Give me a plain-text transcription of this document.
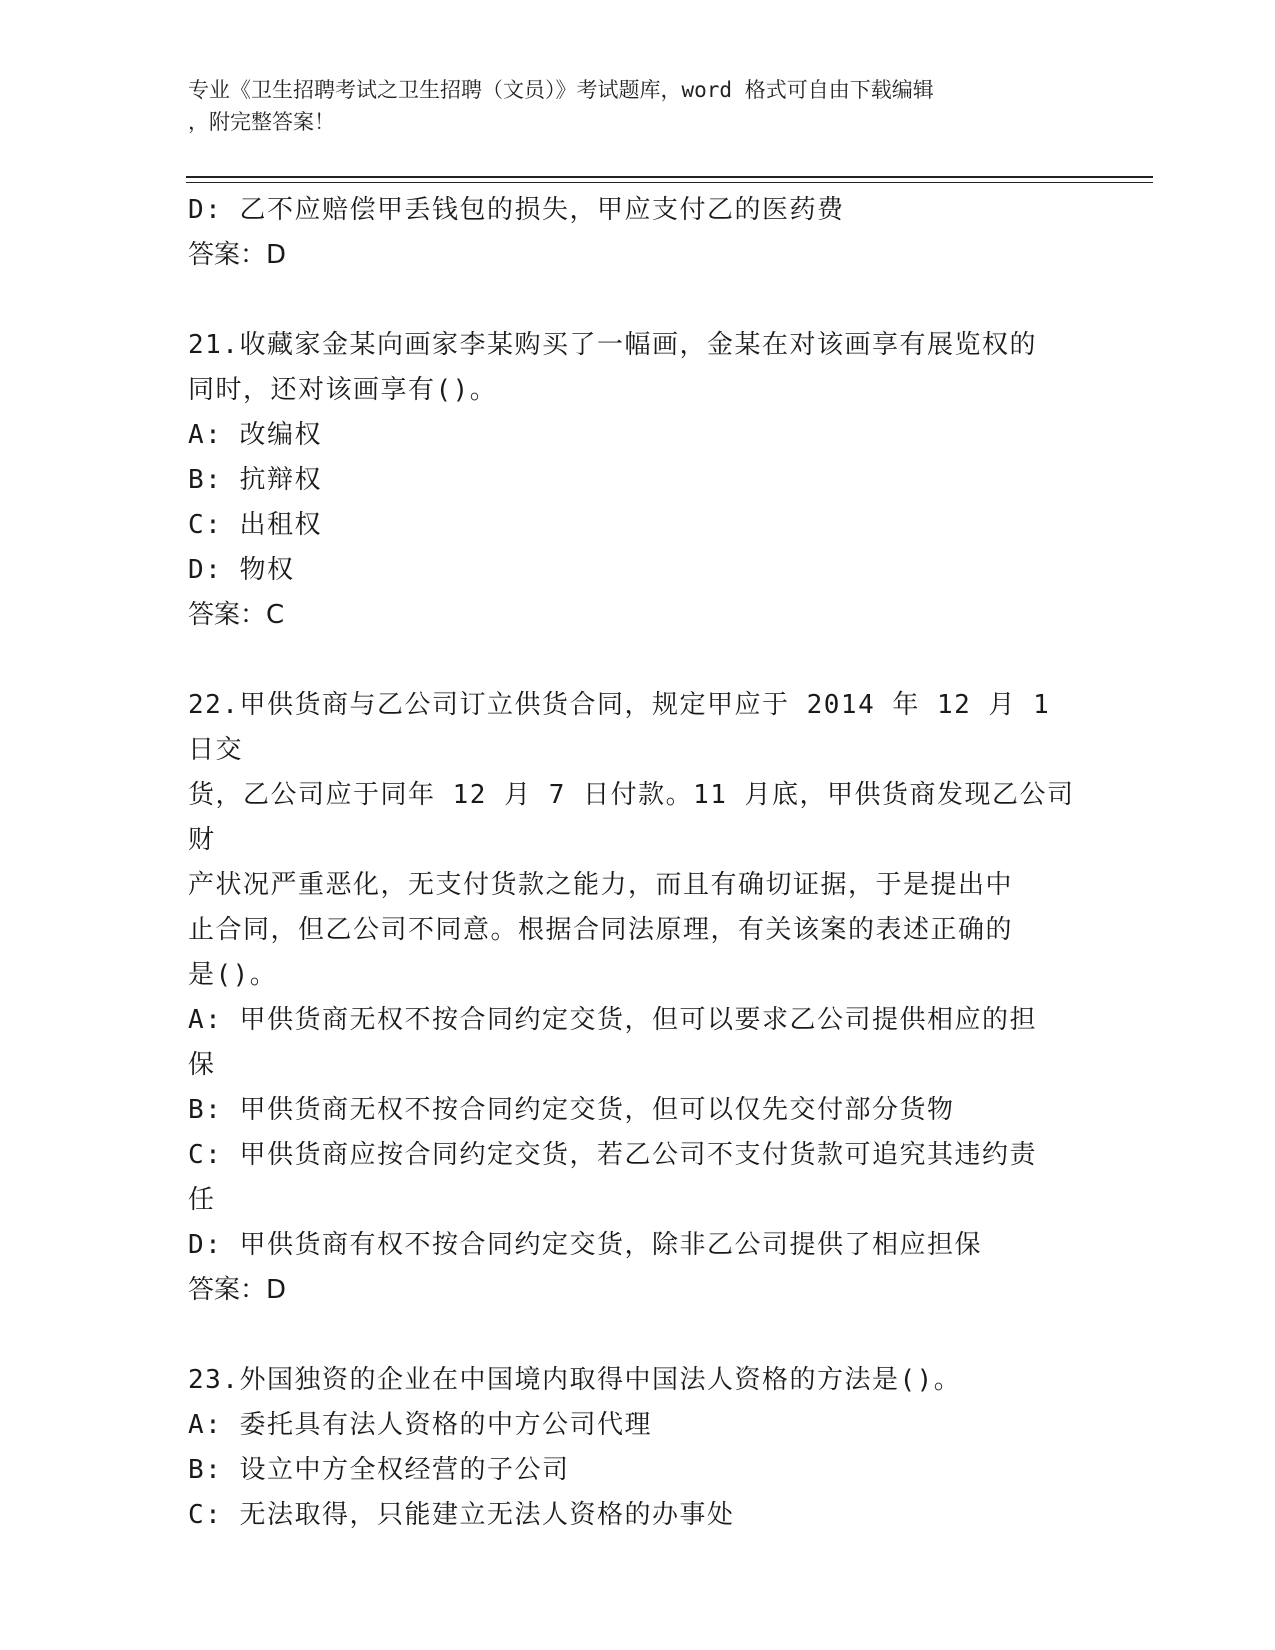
专业《卫生招聘考试之卫生招聘（文员）》考试题库，word 格式可自由下载编辑
，附完整答案！

D: 乙不应赔偿甲丢钱包的损失，甲应支付乙的医药费

答案：D

21.收藏家金某向画家李某购买了一幅画，金某在对该画享有展览权的

同时，还对该画享有()。

A: 改编权

B: 抗辩权

C: 出租权

D: 物权

答案：C

22.甲供货商与乙公司订立供货合同，规定甲应于 2014 年 12 月 1 日交

货，乙公司应于同年 12 月 7 日付款。11 月底，甲供货商发现乙公司财

产状况严重恶化，无支付货款之能力，而且有确切证据，于是提出中

止合同，但乙公司不同意。根据合同法原理，有关该案的表述正确的

是()。

A: 甲供货商无权不按合同约定交货，但可以要求乙公司提供相应的担

保

B: 甲供货商无权不按合同约定交货，但可以仅先交付部分货物

C: 甲供货商应按合同约定交货，若乙公司不支付货款可追究其违约责

任

D: 甲供货商有权不按合同约定交货，除非乙公司提供了相应担保

答案：D

23.外国独资的企业在中国境内取得中国法人资格的方法是()。

A: 委托具有法人资格的中方公司代理

B: 设立中方全权经营的子公司

C: 无法取得，只能建立无法人资格的办事处
